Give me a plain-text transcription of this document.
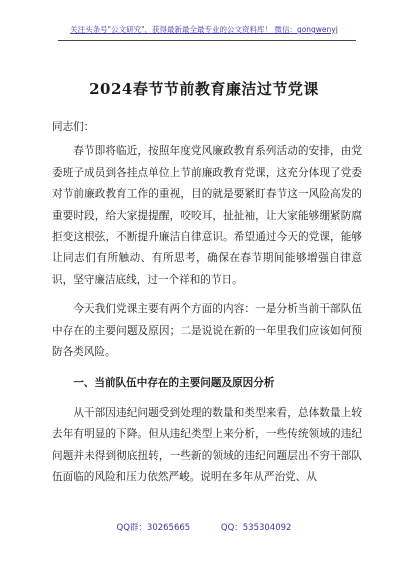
关注头条号"公文研究"，获得最新最全最专业的公文资料库！ 微信：gongwenyj
2024春节节前教育廉洁过节党课

同志们：

春节即将临近，按照年度党风廉政教育系列活动的安排，由党委班子成员到各挂点单位上节前廉政教育党课，这充分体现了党委对节前廉政教育工作的重视，目的就是要紧盯春节这一风险高发的重要时段，给大家提提醒，咬咬耳，扯扯袖，让大家能够绷紧防腐拒变这根弦，不断提升廉洁自律意识。希望通过今天的党课，能够让同志们有所触动、有所思考，确保在春节期间能够增强自律意识，坚守廉洁底线，过一个祥和的节日。

今天我们党课主要有两个方面的内容：一是分析当前干部队伍中存在的主要问题及原因；二是说说在新的一年里我们应该如何预防各类风险。

一、当前队伍中存在的主要问题及原因分析

从干部因违纪问题受到处理的数量和类型来看，总体数量上较去年有明显的下降。但从违纪类型上来分析，一些传统领域的违纪问题并未得到彻底扭转，一些新的领域的违纪问题层出不穷干部队伍面临的风险和压力依然严峻。说明在多年从严治党、从

QQ群：30265665	QQ：535304092
